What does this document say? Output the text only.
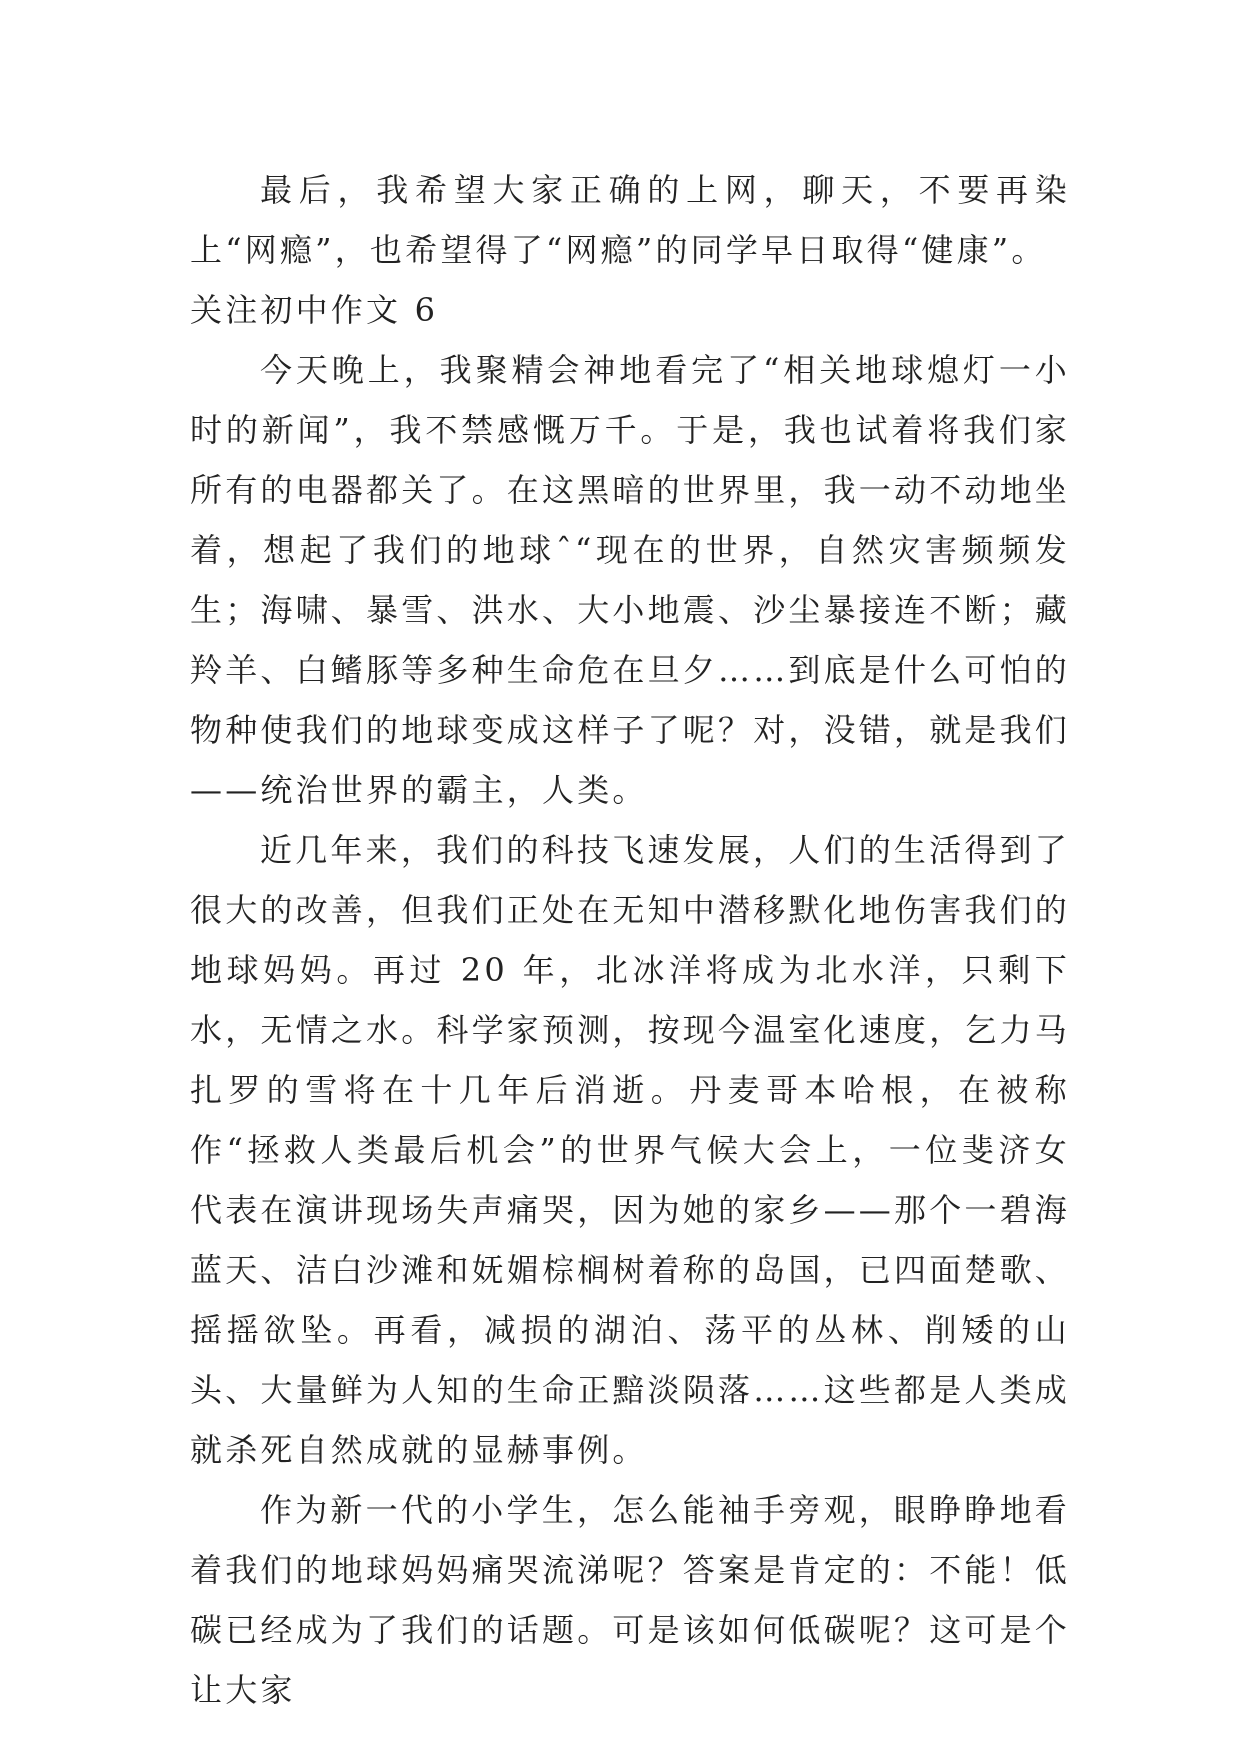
最后，我希望大家正确的上网，聊天，不要再染上“网瘾”，也希望得了“网瘾”的同学早日取得“健康”。

关注初中作文 6

今天晚上，我聚精会神地看完了“相关地球熄灯一小时的新闻”，我不禁感慨万千。于是，我也试着将我们家所有的电器都关了。在这黑暗的世界里，我一动不动地坐着，想起了我们的地球ˆ“现在的世界，自然灾害频频发生；海啸、暴雪、洪水、大小地震、沙尘暴接连不断；藏羚羊、白鳍豚等多种生命危在旦夕……到底是什么可怕的物种使我们的地球变成这样子了呢？对，没错，就是我们——统治世界的霸主，人类。

近几年来，我们的科技飞速发展，人们的生活得到了很大的改善，但我们正处在无知中潜移默化地伤害我们的地球妈妈。再过 20 年，北冰洋将成为北水洋，只剩下水，无情之水。科学家预测，按现今温室化速度，乞力马扎罗的雪将在十几年后消逝。丹麦哥本哈根，在被称作“拯救人类最后机会”的世界气候大会上，一位斐济女代表在演讲现场失声痛哭，因为她的家乡——那个一碧海蓝天、洁白沙滩和妩媚棕榈树着称的岛国，已四面楚歌、摇摇欲坠。再看，减损的湖泊、荡平的丛林、削矮的山头、大量鲜为人知的生命正黯淡陨落……这些都是人类成就杀死自然成就的显赫事例。

作为新一代的小学生，怎么能袖手旁观，眼睁睁地看着我们的地球妈妈痛哭流涕呢？答案是肯定的：不能！低碳已经成为了我们的话题。可是该如何低碳呢？这可是个让大家
